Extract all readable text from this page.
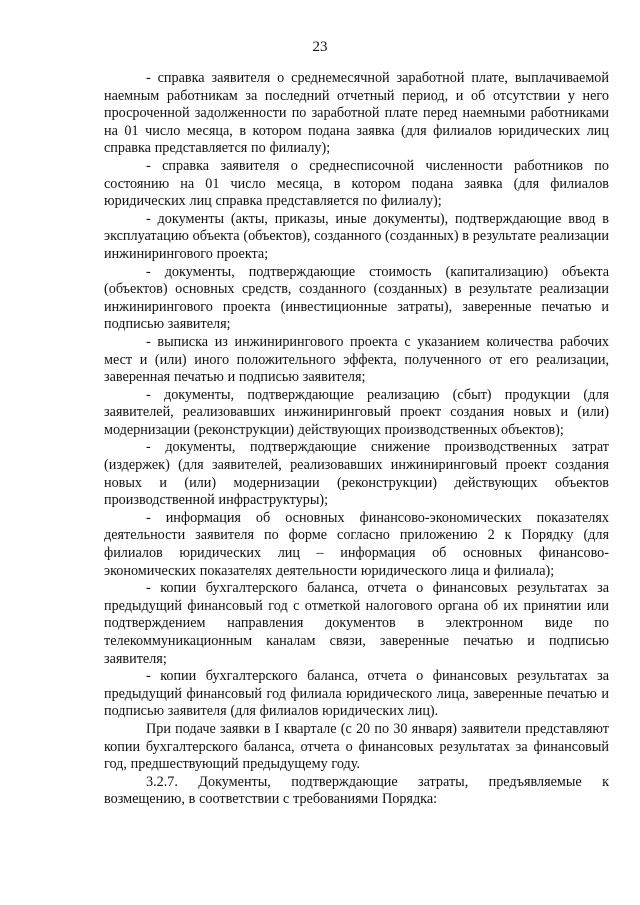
23

- справка заявителя о среднемесячной заработной плате, выплачиваемой наемным работникам за последний отчетный период, и об отсутствии у него просроченной задолженности по заработной плате перед наемными работниками на 01 число месяца, в котором подана заявка (для филиалов юридических лиц справка представляется по филиалу);

- справка заявителя о среднесписочной численности работников по состоянию на 01 число месяца, в котором подана заявка (для филиалов юридических лиц справка представляется по филиалу);

- документы (акты, приказы, иные документы), подтверждающие ввод в эксплуатацию объекта (объектов), созданного (созданных) в результате реализации инжинирингового проекта;

- документы, подтверждающие стоимость (капитализацию) объекта (объектов) основных средств, созданного (созданных) в результате реализации инжинирингового проекта (инвестиционные затраты), заверенные печатью и подписью заявителя;

- выписка из инжинирингового проекта с указанием количества рабочих мест и (или) иного положительного эффекта, полученного от его реализации, заверенная печатью и подписью заявителя;

- документы, подтверждающие реализацию (сбыт) продукции (для заявителей, реализовавших инжиниринговый проект создания новых и (или) модернизации (реконструкции) действующих производственных объектов);

- документы, подтверждающие снижение производственных затрат (издержек) (для заявителей, реализовавших инжиниринговый проект создания новых и (или) модернизации (реконструкции) действующих объектов производственной инфраструктуры);

- информация об основных финансово-экономических показателях деятельности заявителя по форме согласно приложению 2 к Порядку (для филиалов юридических лиц – информация об основных финансово-экономических показателях деятельности юридического лица и филиала);

- копии бухгалтерского баланса, отчета о финансовых результатах за предыдущий финансовый год с отметкой налогового органа об их принятии или подтверждением направления документов в электронном виде по телекоммуникационным каналам связи, заверенные печатью и подписью заявителя;

- копии бухгалтерского баланса, отчета о финансовых результатах за предыдущий финансовый год филиала юридического лица, заверенные печатью и подписью заявителя (для филиалов юридических лиц).

При подаче заявки в I квартале (с 20 по 30 января) заявители представляют копии бухгалтерского баланса, отчета о финансовых результатах за финансовый год, предшествующий предыдущему году.

3.2.7. Документы, подтверждающие затраты, предъявляемые к возмещению, в соответствии с требованиями Порядка:
